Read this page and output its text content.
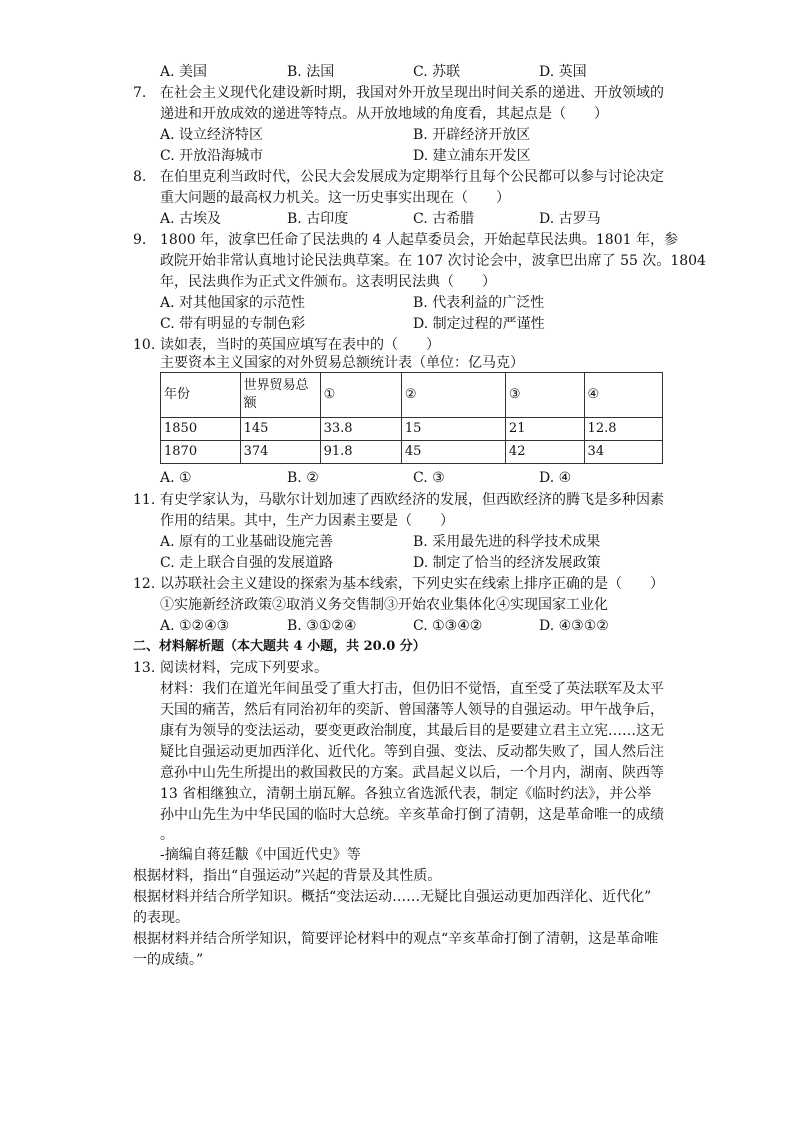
A. 美国	B. 法国	C. 苏联	D. 英国
7. 在社会主义现代化建设新时期，我国对外开放呈现出时间关系的递进、开放领域的
递进和开放成效的递进等特点。从开放地域的角度看，其起点是（　　）
A. 设立经济特区	B. 开辟经济开放区
C. 开放沿海城市	D. 建立浦东开发区
8. 在伯里克利当政时代，公民大会发展成为定期举行且每个公民都可以参与讨论决定
重大问题的最高权力机关。这一历史事实出现在（　　）
A. 古埃及	B. 古印度	C. 古希腊	D. 古罗马
9. 1800 年，波拿巴任命了民法典的 4 人起草委员会，开始起草民法典。1801 年，参
政院开始非常认真地讨论民法典草案。在 107 次讨论会中，波拿巴出席了 55 次。1804
年，民法典作为正式文件颁布。这表明民法典（　　）
A. 对其他国家的示范性	B. 代表利益的广泛性
C. 带有明显的专制色彩	D. 制定过程的严谨性
10. 读如表，当时的英国应填写在表中的（　　）
主要资本主义国家的对外贸易总额统计表（单位：亿马克）
年份	世界贸易总额	①	②	③	④
1850	145	33.8	15	21	12.8
1870	374	91.8	45	42	34
A. ①	B. ②	C. ③	D. ④
11. 有史学家认为，马歇尔计划加速了西欧经济的发展，但西欧经济的腾飞是多种因素
作用的结果。其中，生产力因素主要是（　　）
A. 原有的工业基础设施完善	B. 采用最先进的科学技术成果
C. 走上联合自强的发展道路	D. 制定了恰当的经济发展政策
12. 以苏联社会主义建设的探索为基本线索，下列史实在线索上排序正确的是（　　）
①实施新经济政策②取消义务交售制③开始农业集体化④实现国家工业化
A. ①②④③	B. ③①②④	C. ①③④②	D. ④③①②
二、材料解析题（本大题共 4 小题，共 20.0 分）
13. 阅读材料，完成下列要求。
材料：我们在道光年间虽受了重大打击，但仍旧不觉悟，直至受了英法联军及太平
天国的痛苦，然后有同治初年的奕訢、曾国藩等人领导的自强运动。甲午战争后，
康有为领导的变法运动，要变更政治制度，其最后目的是要建立君主立宪……这无
疑比自强运动更加西洋化、近代化。等到自强、变法、反动都失败了，国人然后注
意孙中山先生所提出的救国救民的方案。武昌起义以后，一个月内，湖南、陕西等
13 省相继独立，清朝土崩瓦解。各独立省选派代表，制定《临时约法》，并公举
孙中山先生为中华民国的临时大总统。辛亥革命打倒了清朝，这是革命唯一的成绩
。
-摘编自蒋廷黻《中国近代史》等
根据材料，指出“自强运动”兴起的背景及其性质。
根据材料并结合所学知识。概括“变法运动……无疑比自强运动更加西洋化、近代化”
的表现。
根据材料并结合所学知识，简要评论材料中的观点“辛亥革命打倒了清朝，这是革命唯
一的成绩。”
